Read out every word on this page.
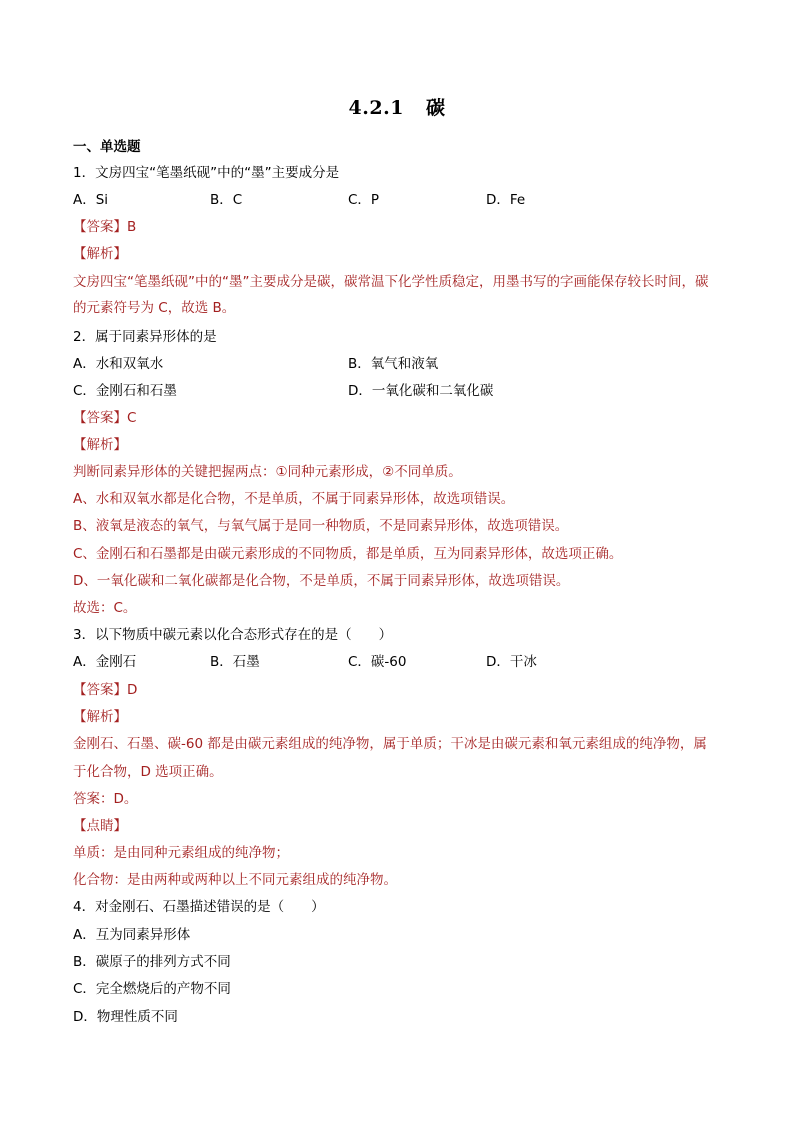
4.2.1 碳
一、单选题
1．文房四宝“笔墨纸砚”中的“墨”主要成分是
A．Si	B．C	C．P	D．Fe
【答案】B
【解析】
文房四宝“笔墨纸砚”中的“墨”主要成分是碳，碳常温下化学性质稳定，用墨书写的字画能保存较长时间，碳
的元素符号为 C，故选 B。
2．属于同素异形体的是
A．水和双氧水	B．氧气和液氧
C．金刚石和石墨	D．一氧化碳和二氧化碳
【答案】C
【解析】
判断同素异形体的关键把握两点：①同种元素形成，②不同单质。
A、水和双氧水都是化合物，不是单质，不属于同素异形体，故选项错误。
B、液氧是液态的氧气，与氧气属于是同一种物质，不是同素异形体，故选项错误。
C、金刚石和石墨都是由碳元素形成的不同物质，都是单质，互为同素异形体，故选项正确。
D、一氧化碳和二氧化碳都是化合物，不是单质，不属于同素异形体，故选项错误。
故选：C。
3．以下物质中碳元素以化合态形式存在的是（　　）
A．金刚石	B．石墨	C．碳-60	D．干冰
【答案】D
【解析】
金刚石、石墨、碳-60 都是由碳元素组成的纯净物，属于单质；干冰是由碳元素和氧元素组成的纯净物，属
于化合物，D 选项正确。
答案：D。
【点睛】
单质：是由同种元素组成的纯净物；
化合物：是由两种或两种以上不同元素组成的纯净物。
4．对金刚石、石墨描述错误的是（　　）
A．互为同素异形体
B．碳原子的排列方式不同
C．完全燃烧后的产物不同
D．物理性质不同
